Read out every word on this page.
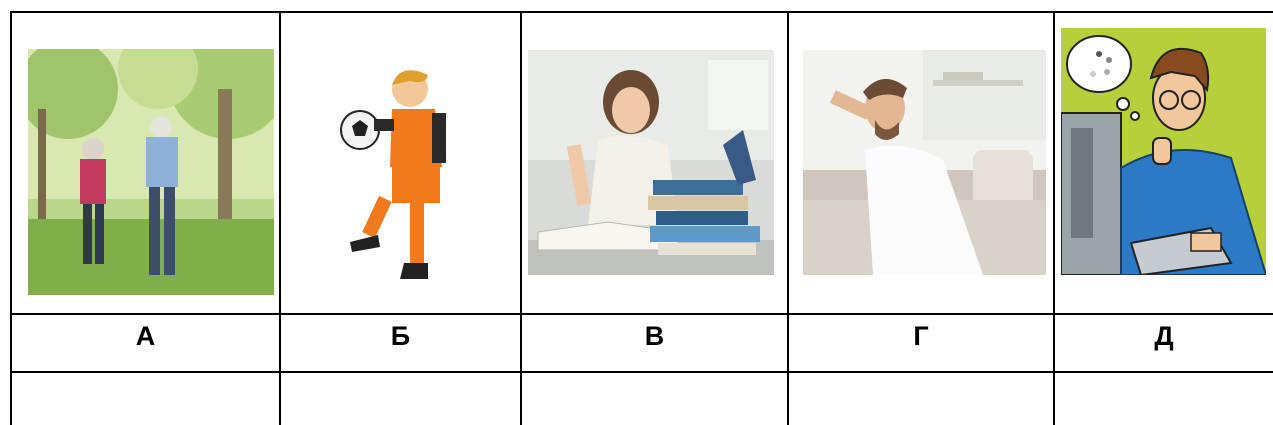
А	Б	В	Г	Д
